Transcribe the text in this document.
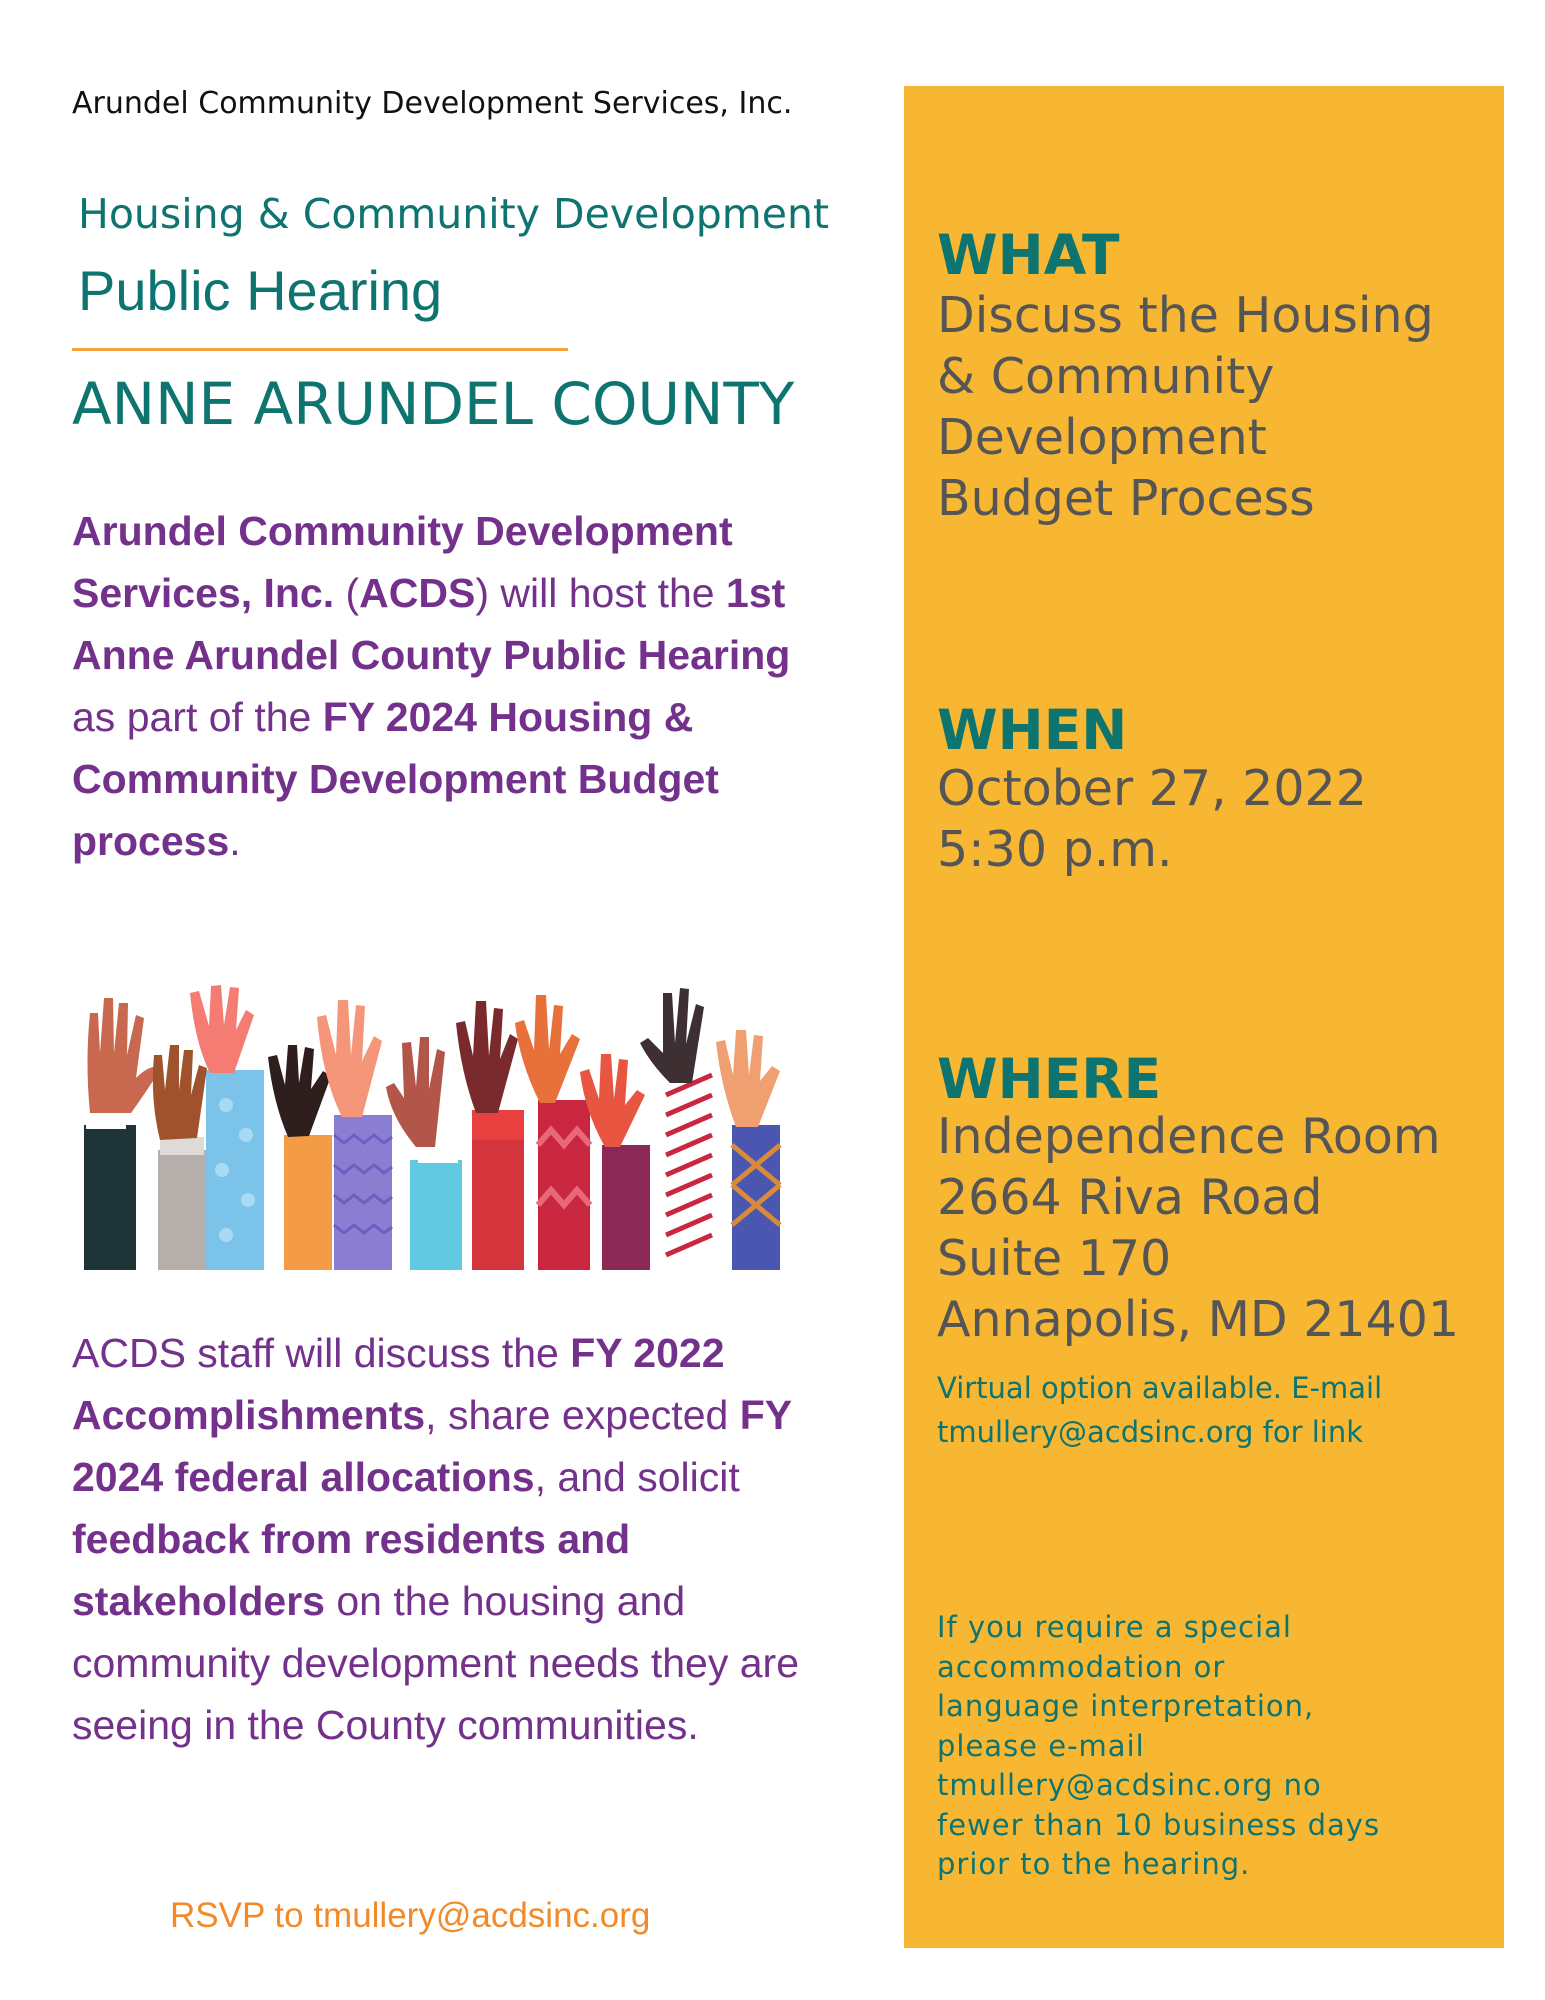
Arundel Community Development Services, Inc.
Housing & Community Development
Public Hearing
ANNE ARUNDEL COUNTY
Arundel Community Development Services, Inc. (ACDS) will host the 1st Anne Arundel County Public Hearing as part of the FY 2024 Housing & Community Development Budget process.
ACDS staff will discuss the FY 2022 Accomplishments, share expected FY 2024 federal allocations, and solicit feedback from residents and stakeholders on the housing and community development needs they are seeing in the County communities.
RSVP to tmullery@acdsinc.org
WHAT
Discuss the Housing
& Community
Development
Budget Process
WHEN
October 27, 2022
5:30 p.m.
WHERE
Independence Room
2664 Riva Road
Suite 170
Annapolis, MD 21401
Virtual option available. E-mail
tmullery@acdsinc.org for link
If you require a special
accommodation or
language interpretation,
please e-mail
tmullery@acdsinc.org no
fewer than 10 business days
prior to the hearing.
